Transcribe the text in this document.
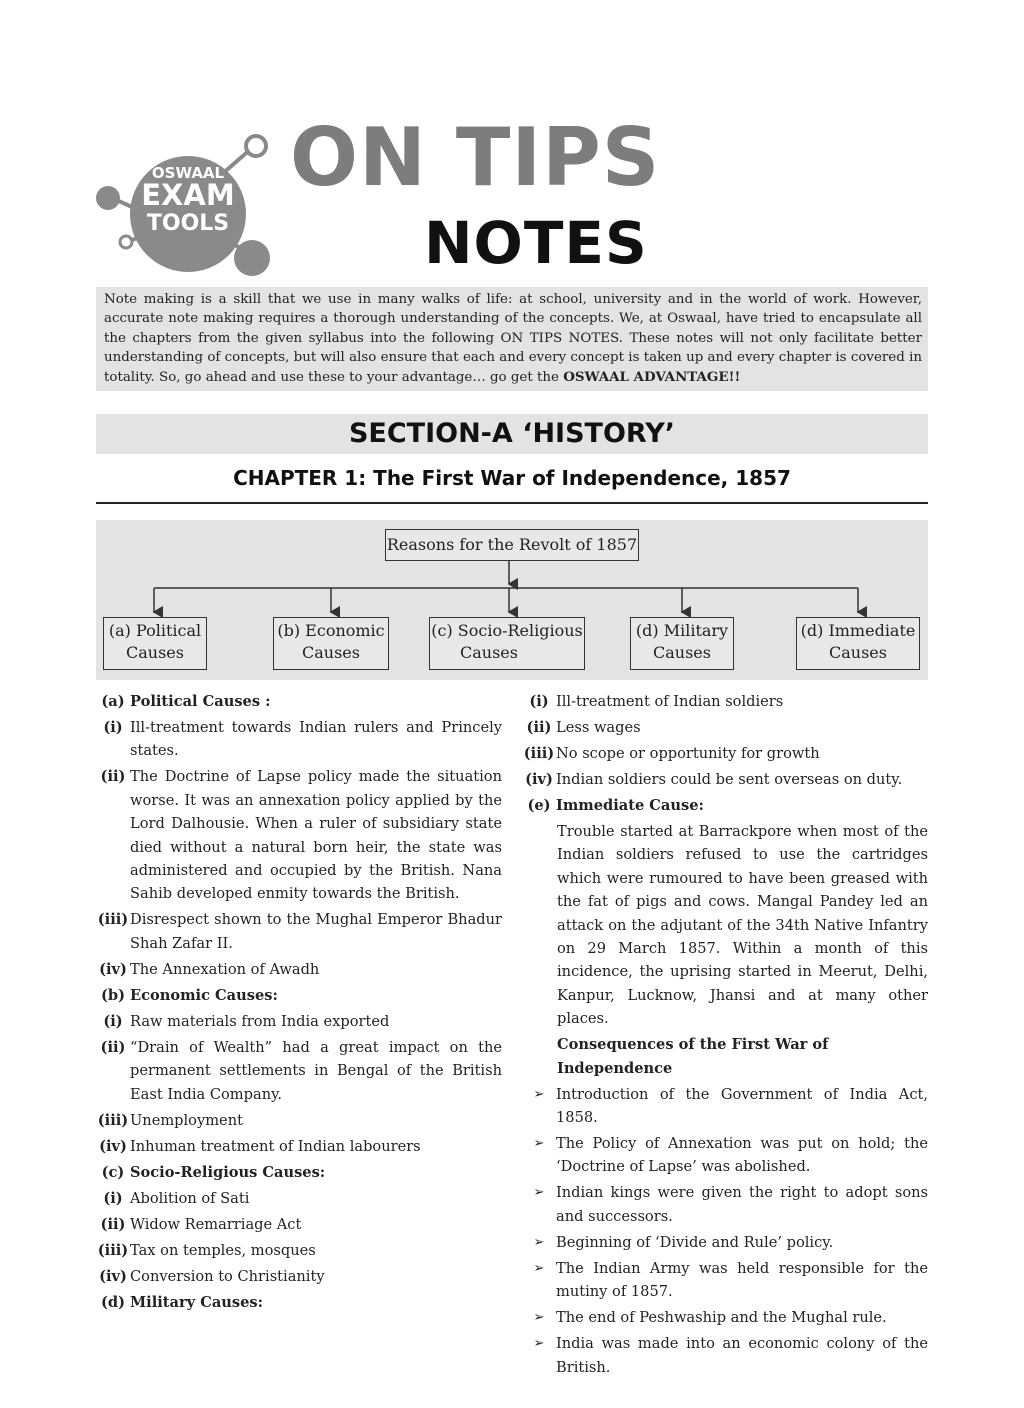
OSWAAL
EXAM
TOOLS
ON TIPS
NOTES
Note making is a skill that we use in many walks of life: at school, university and in the world of work. However, accurate note making requires a thorough understanding of the concepts. We, at Oswaal, have tried to encapsulate all the chapters from the given syllabus into the following ON TIPS NOTES. These notes will not only facilitate better understanding of concepts, but will also ensure that each and every concept is taken up and every chapter is covered in totality. So, go ahead and use these to your advantage… go get the OSWAAL ADVANTAGE!!
SECTION-A ‘HISTORY’
CHAPTER 1: The First War of Independence, 1857
Reasons for the Revolt of 1857
(a) Political
Causes
(b) Economic
Causes
(c) Socio-Religious
Causes
(d) Military
Causes
(d) Immediate
Causes
(a) Political Causes :
(i) Ill-treatment towards Indian rulers and Princely states.
(ii) The Doctrine of Lapse policy made the situation worse. It was an annexation policy applied by the Lord Dalhousie. When a ruler of subsidiary state died without a natural born heir, the state was administered and occupied by the British. Nana Sahib developed enmity towards the British.
(iii) Disrespect shown to the Mughal Emperor Bhadur Shah Zafar II.
(iv) The Annexation of Awadh
(b) Economic Causes:
(i) Raw materials from India exported
(ii) “Drain of Wealth” had a great impact on the permanent settlements in Bengal of the British East India Company.
(iii) Unemployment
(iv) Inhuman treatment of Indian labourers
(c) Socio-Religious Causes:
(i) Abolition of Sati
(ii) Widow Remarriage Act
(iii) Tax on temples, mosques
(iv) Conversion to Christianity
(d) Military Causes:
(i) Ill-treatment of Indian soldiers
(ii) Less wages
(iii) No scope or opportunity for growth
(iv) Indian soldiers could be sent overseas on duty.
(e) Immediate Cause:
Trouble started at Barrackpore when most of the Indian soldiers refused to use the cartridges which were rumoured to have been greased with the fat of pigs and cows. Mangal Pandey led an attack on the adjutant of the 34th Native Infantry on 29 March 1857. Within a month of this incidence, the uprising started in Meerut, Delhi, Kanpur, Lucknow, Jhansi and at many other places.
Consequences of the First War of Independence
➢ Introduction of the Government of India Act, 1858.
➢ The Policy of Annexation was put on hold; the ‘Doctrine of Lapse’ was abolished.
➢ Indian kings were given the right to adopt sons and successors.
➢ Beginning of ‘Divide and Rule’ policy.
➢ The Indian Army was held responsible for the mutiny of 1857.
➢ The end of Peshwaship and the Mughal rule.
➢ India was made into an economic colony of the British.
